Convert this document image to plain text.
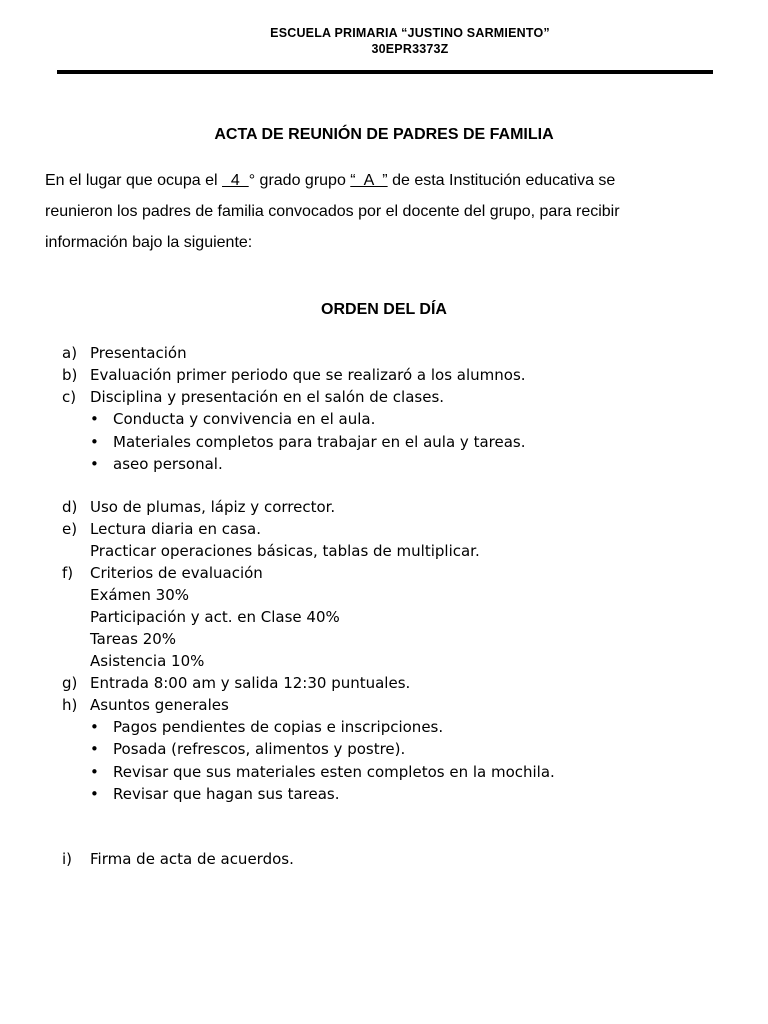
ESCUELA PRIMARIA “JUSTINO SARMIENTO”
30EPR3373Z
ACTA DE REUNIÓN DE PADRES DE FAMILIA
En el lugar que ocupa el   4  ° grado grupo “  A  ” de esta Institución educativa se
reunieron los padres de familia convocados por el docente del grupo, para recibir
información bajo la siguiente:
ORDEN DEL DÍA
a) Presentación
b) Evaluación primer periodo que se realizaró a los alumnos.
c) Disciplina y presentación en el salón de clases.
• Conducta y convivencia en el aula.
• Materiales completos para trabajar en el aula y tareas.
• aseo personal.
d) Uso de plumas, lápiz y corrector.
e) Lectura diaria en casa.
Practicar operaciones básicas, tablas de multiplicar.
f)	Criterios de evaluación
Exámen 30%
Participación y act. en Clase 40%
Tareas 20%
Asistencia 10%
g) Entrada 8:00 am y salida 12:30 puntuales.
h) Asuntos generales
• Pagos pendientes de copias e inscripciones.
• Posada (refrescos, alimentos y postre).
• Revisar que sus materiales esten completos en la mochila.
• Revisar que hagan sus tareas.
i)	Firma de acta de acuerdos.
